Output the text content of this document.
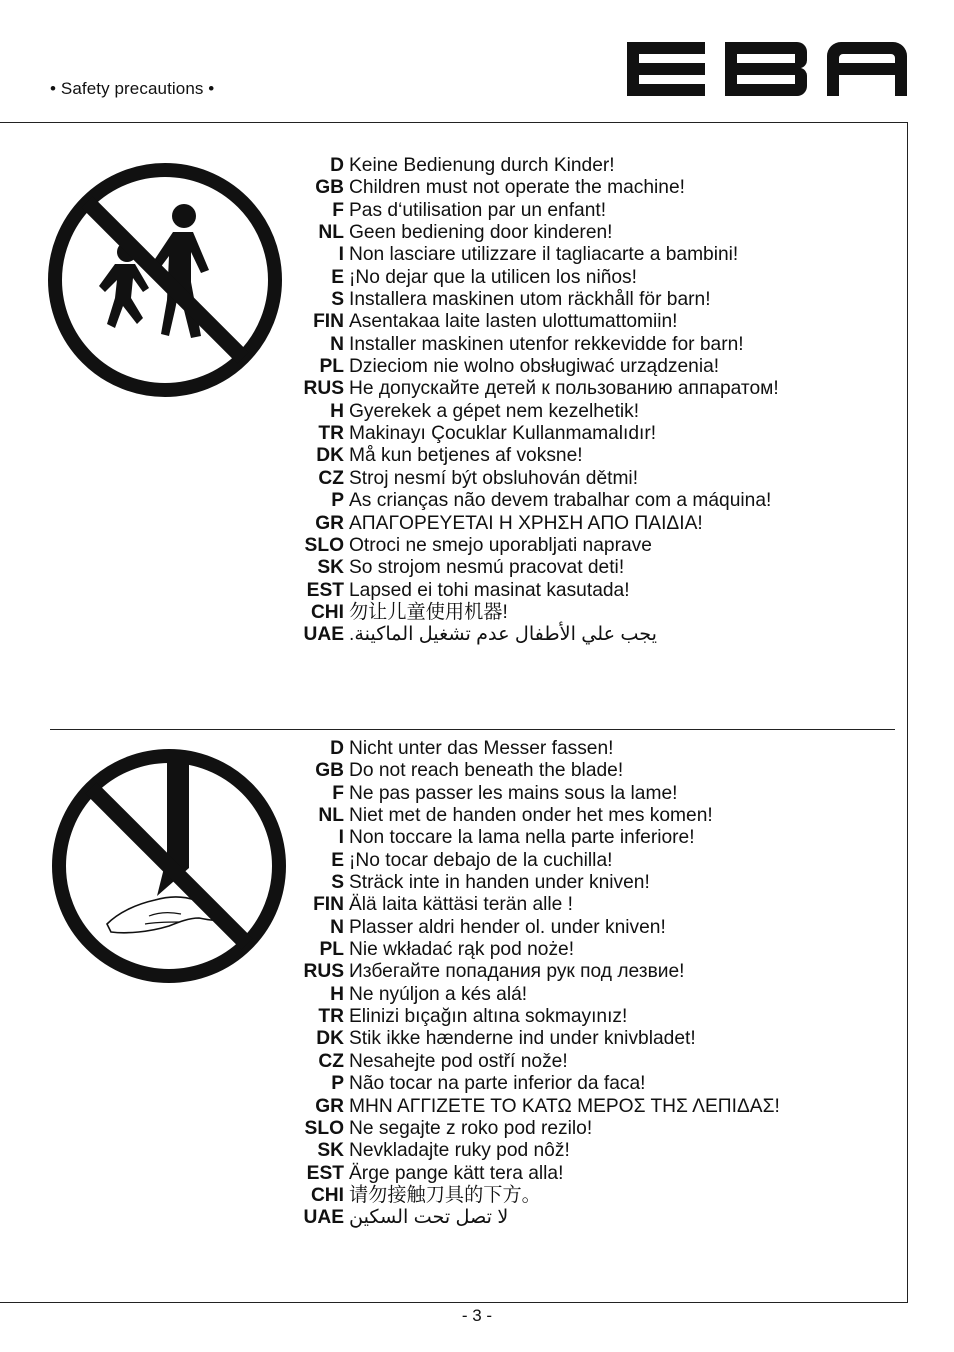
• Safety precautions •
D Keine Bedienung durch Kinder!
GB Children must not operate the machine!
F Pas d‘utilisation par un enfant!
NL Geen bediening door kinderen!
I Non lasciare utilizzare il tagliacarte a bambini!
E ¡No dejar que la utilicen los niños!
S Installera maskinen utom räckhåll för barn!
FIN Asentakaa laite lasten ulottumattomiin!
N Installer maskinen utenfor rekkevidde for barn!
PL Dzieciom nie wolno obsługiwać urządzenia!
RUS Не допускайте детей к пользованию аппаратом!
H Gyerekek a gépet nem kezelhetik!
TR Makinayı Çocuklar Kullanmamalıdır!
DK Må kun betjenes af voksne!
CZ Stroj nesmí být obsluhován dětmi!
P As crianças não devem trabalhar com a máquina!
GR ΑΠΑΓΟΡΕΥΕΤΑΙ Η ΧΡΗΣΗ ΑΠΟ ΠΑΙΔΙΑ!
SLO Otroci ne smejo uporabljati naprave
SK So strojom nesmú pracovat deti!
EST Lapsed ei tohi masinat kasutada!
CHI 勿让儿童使用机器!
UAE يجب علي الأطفال عدم تشغيل الماكينة.
D Nicht unter das Messer fassen!
GB Do not reach beneath the blade!
F Ne pas passer les mains sous la lame!
NL Niet met de handen onder het mes komen!
I Non toccare la lama nella parte inferiore!
E ¡No tocar debajo de la cuchilla!
S Sträck inte in handen under kniven!
FIN Älä laita kättäsi terän alle !
N Plasser aldri hender ol. under kniven!
PL Nie wkładać rąk pod noże!
RUS Избегайте попадания рук под лезвие!
H Ne nyúljon a kés alá!
TR Elinizi bıçağın altına sokmayınız!
DK Stik ikke hænderne ind under knivbladet!
CZ Nesahejte pod ostří nože!
P Não tocar na parte inferior da faca!
GR ΜΗΝ ΑΓΓΙΖΕΤΕ ΤΟ ΚΑΤΩ ΜΕΡΟΣ ΤΗΣ ΛΕΠΙΔΑΣ!
SLO Ne segajte z roko pod rezilo!
SK Nevkladajte ruky pod nôž!
EST Ärge pange kätt tera alla!
CHI 请勿接触刀具的下方。
UAE لا تصل تحت السكين
- 3 -
